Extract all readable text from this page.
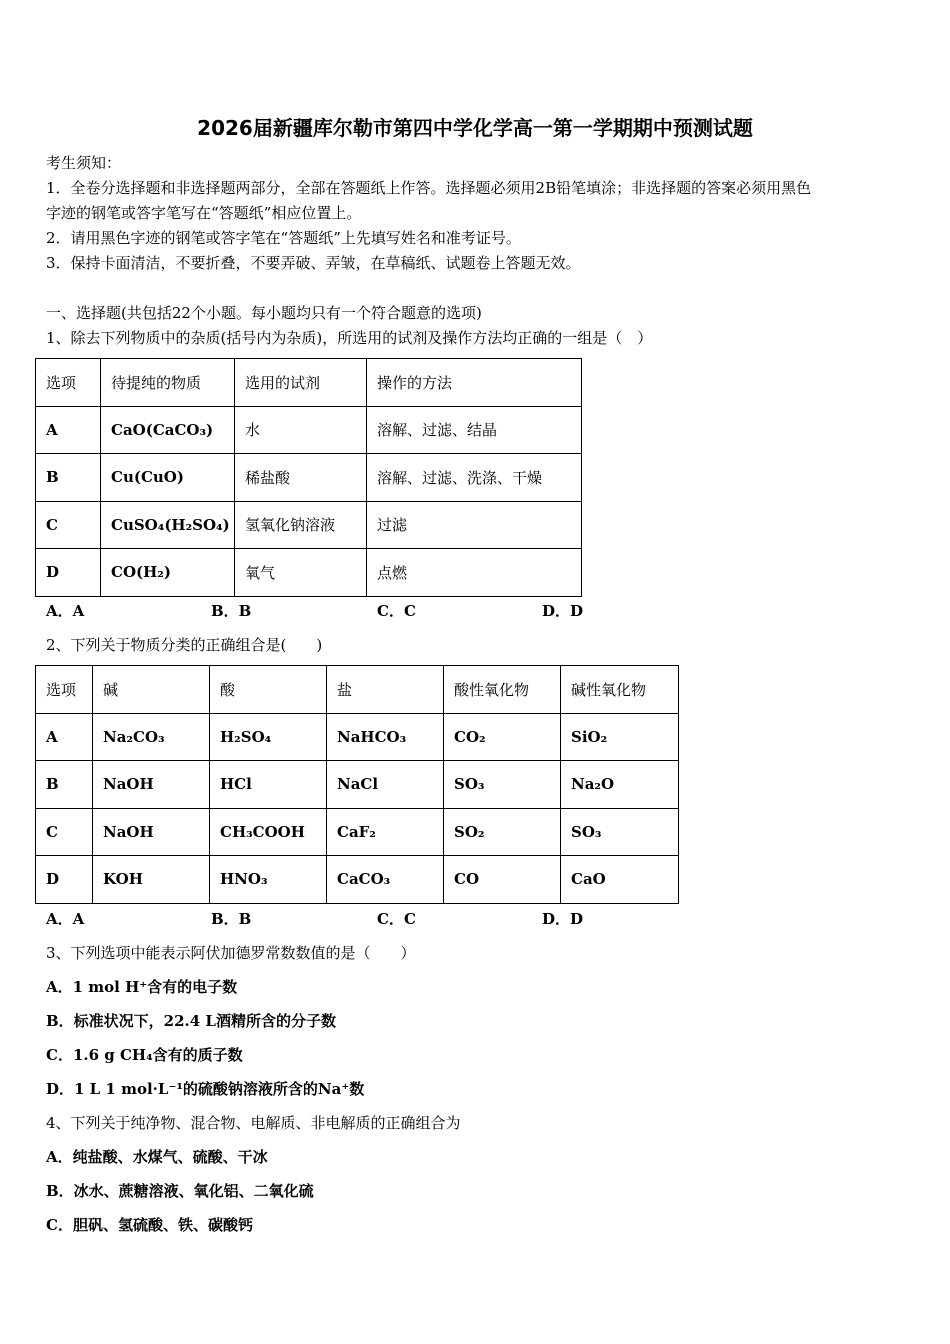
2026届新疆库尔勒市第四中学化学高一第一学期期中预测试题
考生须知：
1．全卷分选择题和非选择题两部分，全部在答题纸上作答。选择题必须用2B铅笔填涂；非选择题的答案必须用黑色
字迹的钢笔或答字笔写在“答题纸”相应位置上。
2．请用黑色字迹的钢笔或答字笔在“答题纸”上先填写姓名和准考证号。
3．保持卡面清洁，不要折叠，不要弄破、弄皱，在草稿纸、试题卷上答题无效。
一、选择题(共包括22个小题。每小题均只有一个符合题意的选项)
1、除去下列物质中的杂质(括号内为杂质)，所选用的试剂及操作方法均正确的一组是（　）
选项	待提纯的物质	选用的试剂	操作的方法
A	CaO(CaCO₃)	水	溶解、过滤、结晶
B	Cu(CuO)	稀盐酸	溶解、过滤、洗涤、干燥
C	CuSO₄(H₂SO₄)	氢氧化钠溶液	过滤
D	CO(H₂)	氧气	点燃
A．A	B．B	C．C	D．D
2、下列关于物质分类的正确组合是(　　)
选项	碱	酸	盐	酸性氧化物	碱性氧化物
A	Na₂CO₃	H₂SO₄	NaHCO₃	CO₂	SiO₂
B	NaOH	HCl	NaCl	SO₃	Na₂O
C	NaOH	CH₃COOH	CaF₂	SO₂	SO₃
D	KOH	HNO₃	CaCO₃	CO	CaO
A．A	B．B	C．C	D．D
3、下列选项中能表示阿伏加德罗常数数值的是（　　）
A．1 mol H⁺含有的电子数
B．标准状况下，22.4 L酒精所含的分子数
C．1.6 g CH₄含有的质子数
D．1 L 1 mol·L⁻¹的硫酸钠溶液所含的Na⁺数
4、下列关于纯净物、混合物、电解质、非电解质的正确组合为
A．纯盐酸、水煤气、硫酸、干冰
B．冰水、蔗糖溶液、氧化铝、二氧化硫
C．胆矾、氢硫酸、铁、碳酸钙
